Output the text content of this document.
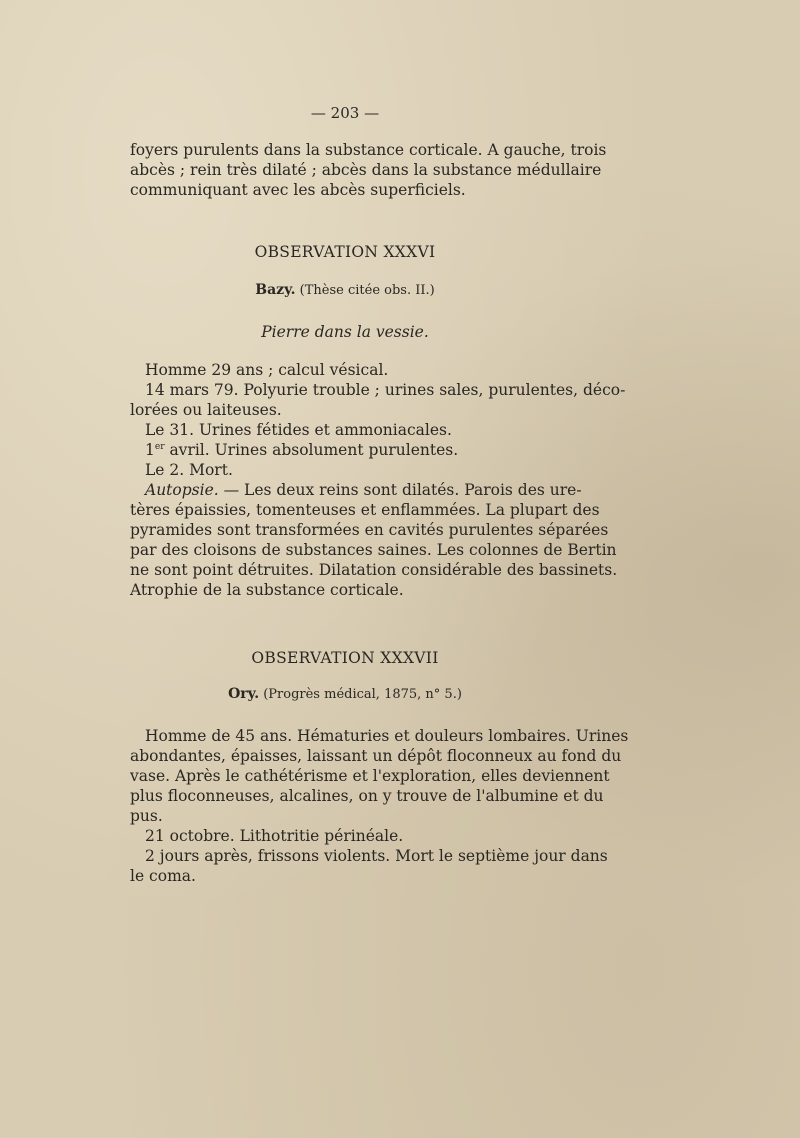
— 203 —
foyers purulents dans la substance corticale. A gauche, trois
abcès ; rein très dilaté ; abcès dans la substance médullaire
communiquant avec les abcès superficiels.
OBSERVATION XXXVI
Bazy. (Thèse citée obs. II.)
Pierre dans la vessie.
Homme 29 ans ; calcul vésical.
14 mars 79. Polyurie trouble ; urines sales, purulentes, déco-
lorées ou laiteuses.
Le 31. Urines fétides et ammoniacales.
1er avril. Urines absolument purulentes.
Le 2. Mort.
Autopsie. — Les deux reins sont dilatés. Parois des ure-
tères épaissies, tomenteuses et enflammées. La plupart des
pyramides sont transformées en cavités purulentes séparées
par des cloisons de substances saines. Les colonnes de Bertin
ne sont point détruites. Dilatation considérable des bassinets.
Atrophie de la substance corticale.
OBSERVATION XXXVII
Ory. (Progrès médical, 1875, n° 5.)
Homme de 45 ans. Hématuries et douleurs lombaires. Urines
abondantes, épaisses, laissant un dépôt floconneux au fond du
vase. Après le cathétérisme et l'exploration, elles deviennent
plus floconneuses, alcalines, on y trouve de l'albumine et du
pus.
21 octobre. Lithotritie périnéale.
2 jours après, frissons violents. Mort le septième jour dans
le coma.
